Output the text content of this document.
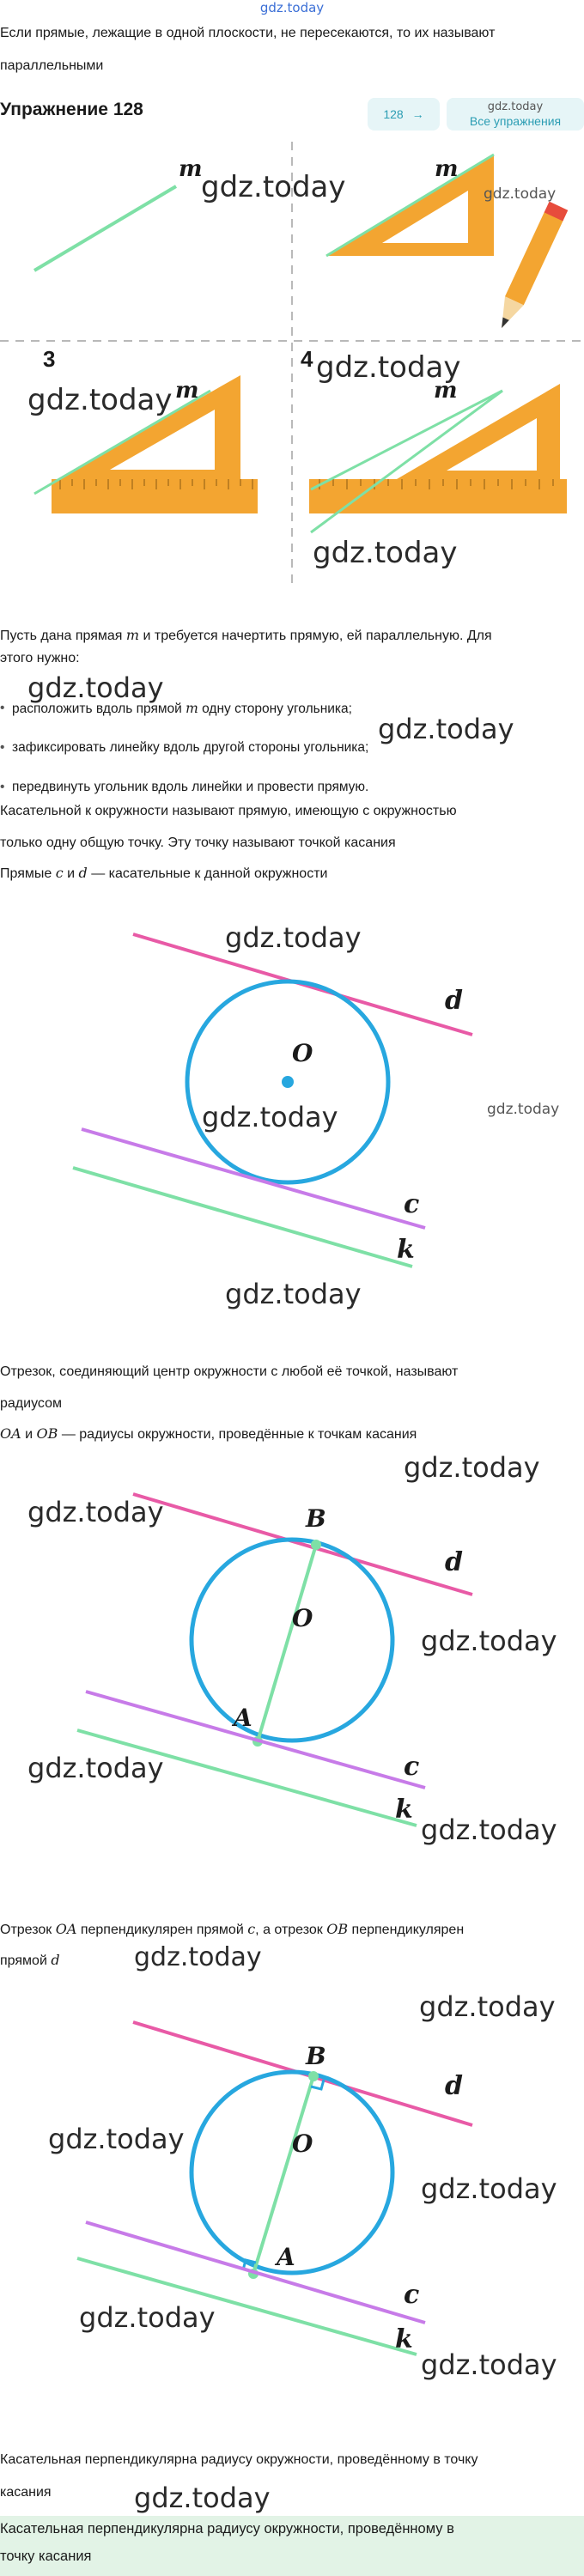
gdz.today
Если прямые, лежащие в одной плоскости, не пересекаются, то их называют
параллельными
Упражнение 128	128 →
gdz.today
Все упражнения
m
gdz.today
m
gdz.today
3	4 gdz.today
gdz.today m	m
gdz.today
Пусть дана прямая m и требуется начертить прямую, ей параллельную. Для
этого нужно:
gdz.today
• расположить вдоль прямой m одну сторону угольника;
gdz.today
• зафиксировать линейку вдоль другой стороны угольника;
• передвинуть угольник вдоль линейки и провести прямую.
Касательной к окружности называют прямую, имеющую с окружностью
только одну общую точку. Эту точку называют точкой касания
Прямые c и d — касательные к данной окружности
gdz.today
d
O
gdz.today	gdz.today
c
k
gdz.today
Отрезок, соединяющий центр окружности с любой её точкой, называют
радиусом
OA и OB — радиусы окружности, проведённые к точкам касания
gdz.today
B
gdz.today
d
O
gdz.today
A
gdz.today	c
k
gdz.today
Отрезок OA перпендикулярен прямой c, а отрезок OB перпендикулярен
прямой d	gdz.today
gdz.today
B
d
gdz.today	O
gdz.today
A
c
gdz.today
k
gdz.today
Касательная перпендикулярна радиусу окружности, проведённому в точку
касания	gdz.today
Касательная перпендикулярна радиусу окружности, проведённому в
точку касания
